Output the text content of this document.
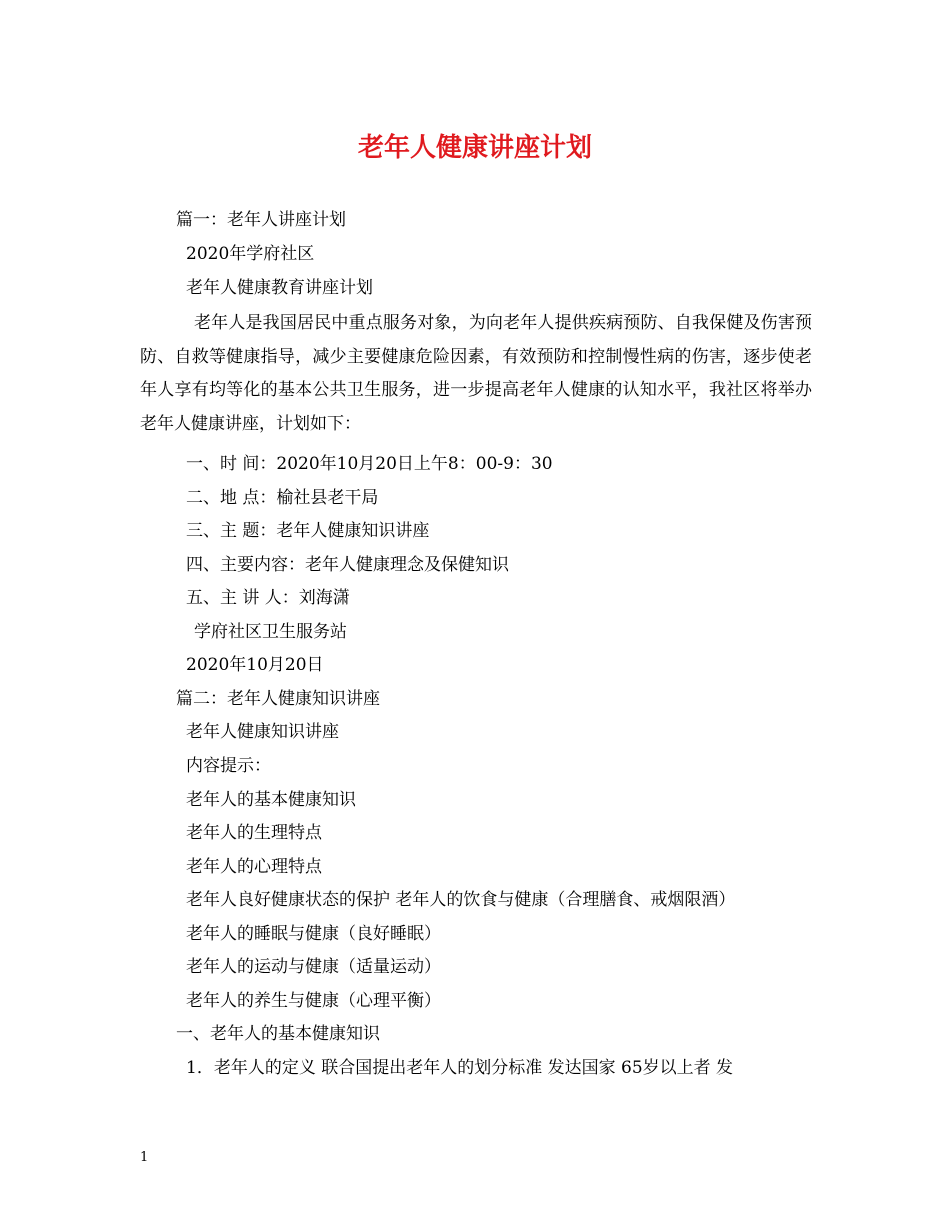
老年人健康讲座计划
篇一：老年人讲座计划
2020年学府社区
老年人健康教育讲座计划
老年人是我国居民中重点服务对象，为向老年人提供疾病预防、自我保健及伤害预防、自救等健康指导，减少主要健康危险因素，有效预防和控制慢性病的伤害，逐步使老年人享有均等化的基本公共卫生服务，进一步提高老年人健康的认知水平，我社区将举办老年人健康讲座，计划如下：
一、时 间：2020年10月20日上午8：00-9：30
二、地 点：榆社县老干局
三、主 题：老年人健康知识讲座
四、主要内容：老年人健康理念及保健知识
五、主 讲 人：刘海潇
学府社区卫生服务站
2020年10月20日
篇二：老年人健康知识讲座
老年人健康知识讲座
内容提示：
老年人的基本健康知识
老年人的生理特点
老年人的心理特点
老年人良好健康状态的保护 老年人的饮食与健康（合理膳食、戒烟限酒）
老年人的睡眠与健康（良好睡眠）
老年人的运动与健康（适量运动）
老年人的养生与健康（心理平衡）
一、老年人的基本健康知识
1．老年人的定义 联合国提出老年人的划分标准 发达国家 65岁以上者 发
1
